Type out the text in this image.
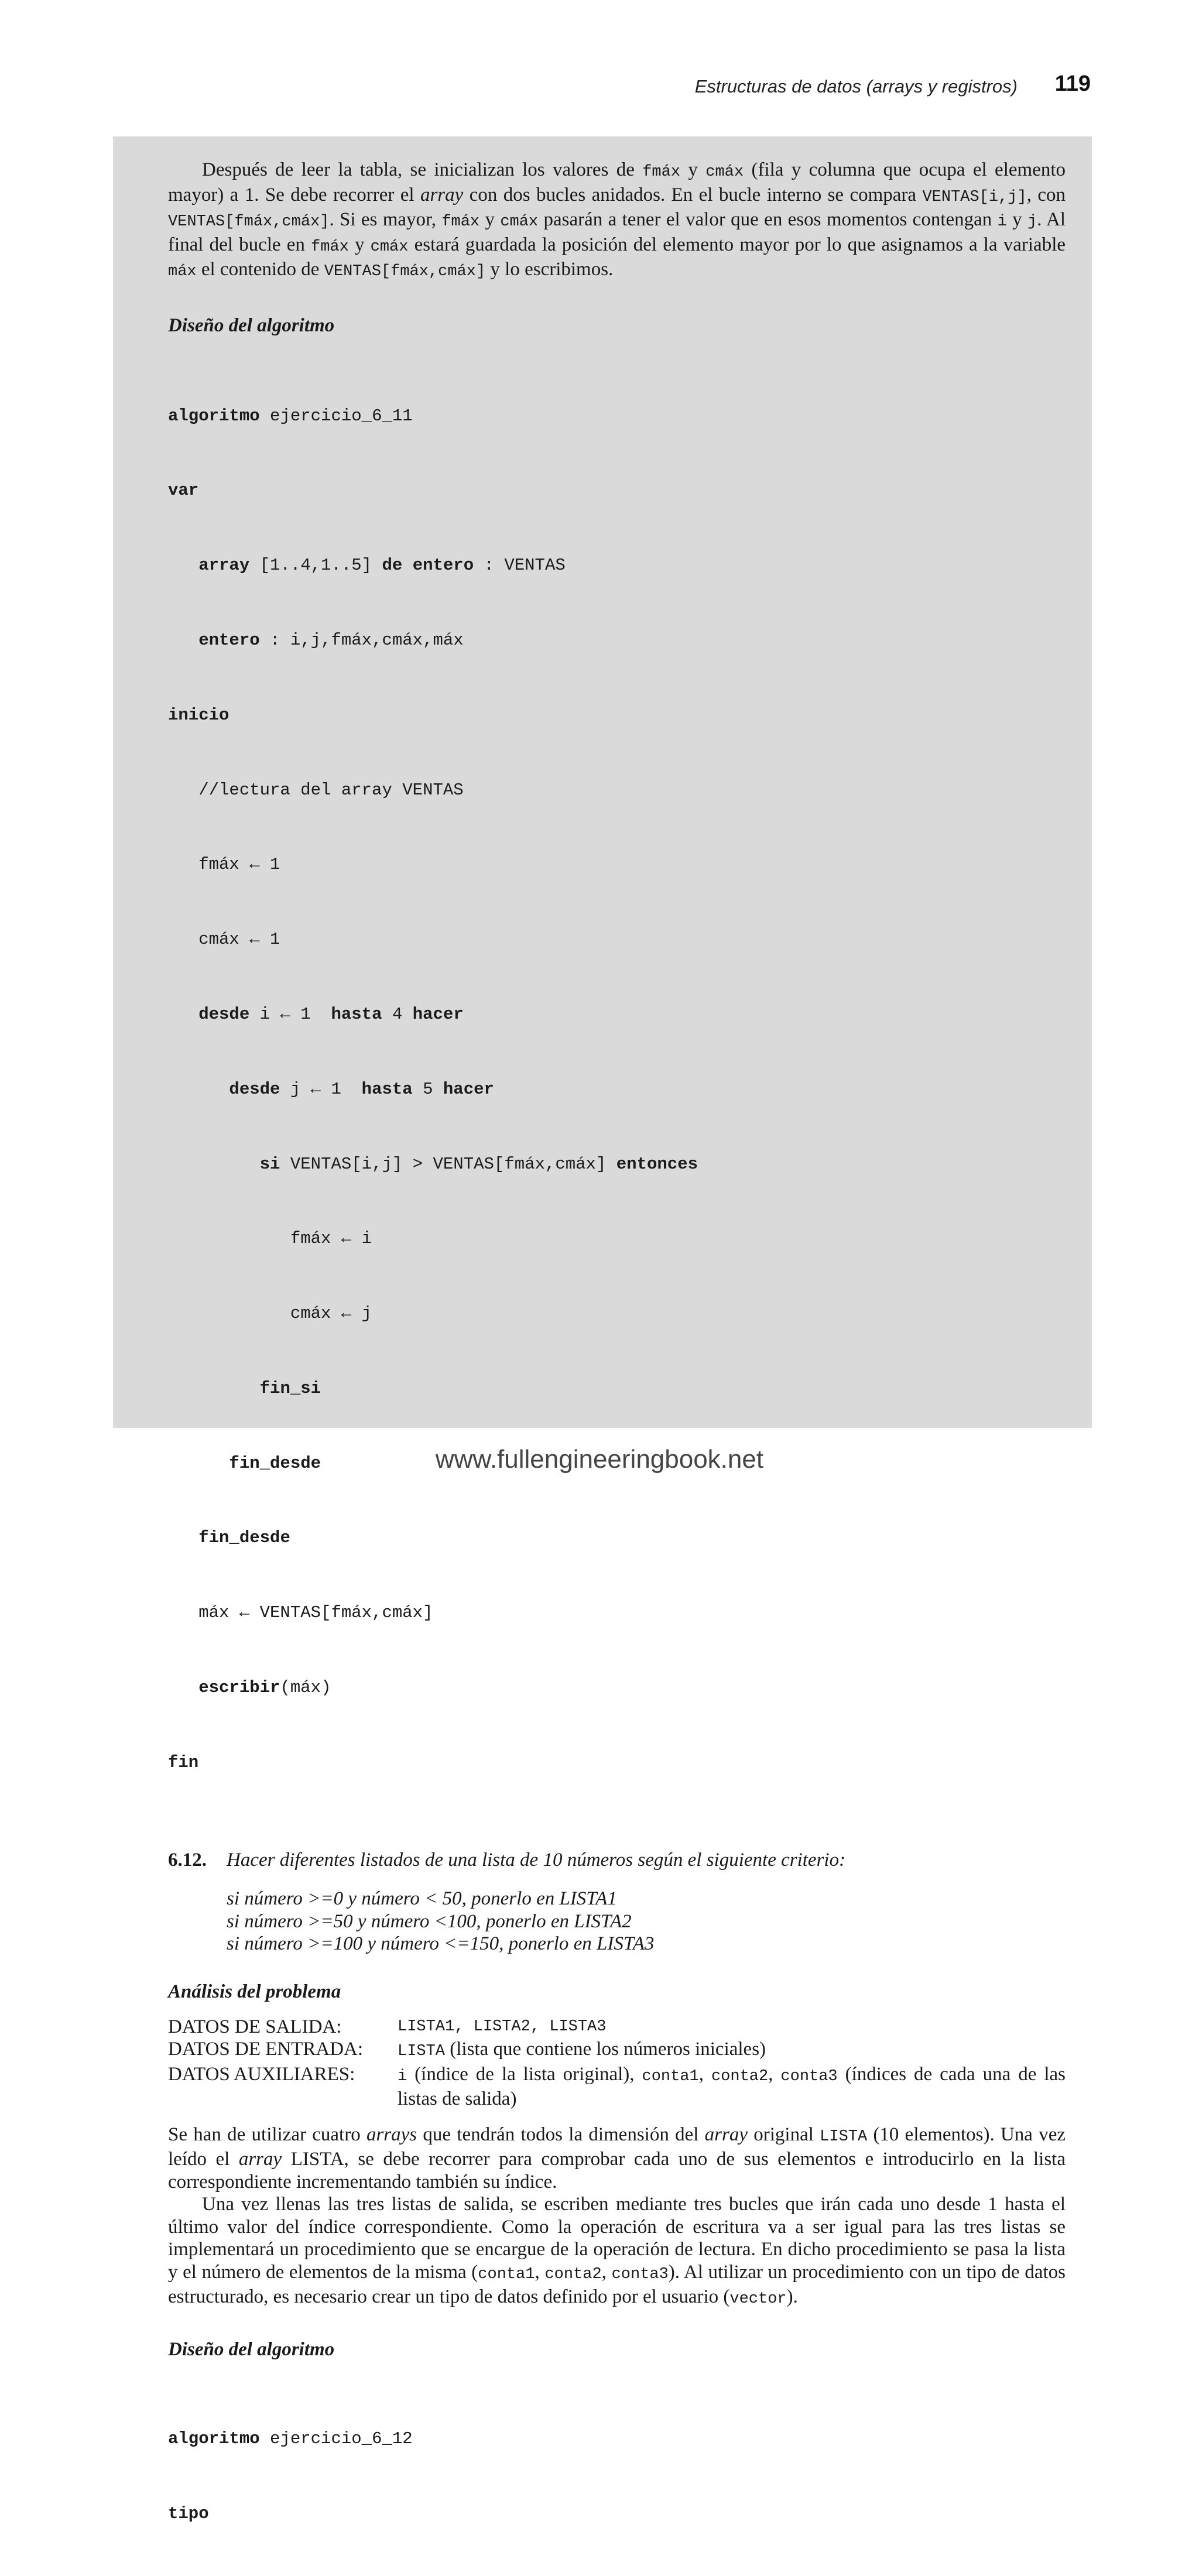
Estructuras de datos (arrays y registros) 119

Después de leer la tabla, se inicializan los valores de fmáx y cmáx (fila y columna que ocupa el elemento mayor) a 1. Se debe recorrer el array con dos bucles anidados. En el bucle interno se compara VENTAS[i,j], con VENTAS[fmáx,cmáx]. Si es mayor, fmáx y cmáx pasarán a tener el valor que en esos momentos contengan i y j. Al final del bucle en fmáx y cmáx estará guardada la posición del elemento mayor por lo que asignamos a la variable máx el contenido de VENTAS[fmáx,cmáx] y lo escribimos.

Diseño del algoritmo

algoritmo ejercicio_6_11

var

array [1..4,1..5] de entero : VENTAS

entero : i,j,fmáx,cmáx,máx

inicio

//lectura del array VENTAS

fmáx ← 1

cmáx ← 1

desde i ← 1  hasta 4 hacer

desde j ← 1  hasta 5 hacer

si VENTAS[i,j] > VENTAS[fmáx,cmáx] entonces

fmáx ← i

cmáx ← j

fin_si

fin_desde

fin_desde

máx ← VENTAS[fmáx,cmáx]

escribir(máx)

fin

6.12.	Hacer diferentes listados de una lista de 10 números según el siguiente criterio:
si número >=0 y número < 50, ponerlo en LISTA1
si número >=50 y número <100, ponerlo en LISTA2
si número >=100 y número <=150, ponerlo en LISTA3
Análisis del problema
DATOS DE SALIDA:	LISTA1, LISTA2, LISTA3
DATOS DE ENTRADA:	LISTA (lista que contiene los números iniciales)
DATOS AUXILIARES:	i (índice de la lista original), conta1, conta2, conta3 (índices de cada una de las listas de salida)

Se han de utilizar cuatro arrays que tendrán todos la dimensión del array original LISTA (10 elementos). Una vez leído el array LISTA, se debe recorrer para comprobar cada uno de sus elementos e introducirlo en la lista correspondiente incrementando también su índice.

Una vez llenas las tres listas de salida, se escriben mediante tres bucles que irán cada uno desde 1 hasta el último valor del índice correspondiente. Como la operación de escritura va a ser igual para las tres listas se implementará un procedimiento que se encargue de la operación de lectura. En dicho procedimiento se pasa la lista y el número de elementos de la misma (conta1, conta2, conta3). Al utilizar un procedimiento con un tipo de datos estructurado, es necesario crear un tipo de datos definido por el usuario (vector).

Diseño del algoritmo

algoritmo ejercicio_6_12

tipo

www.fullengineeringbook.net
